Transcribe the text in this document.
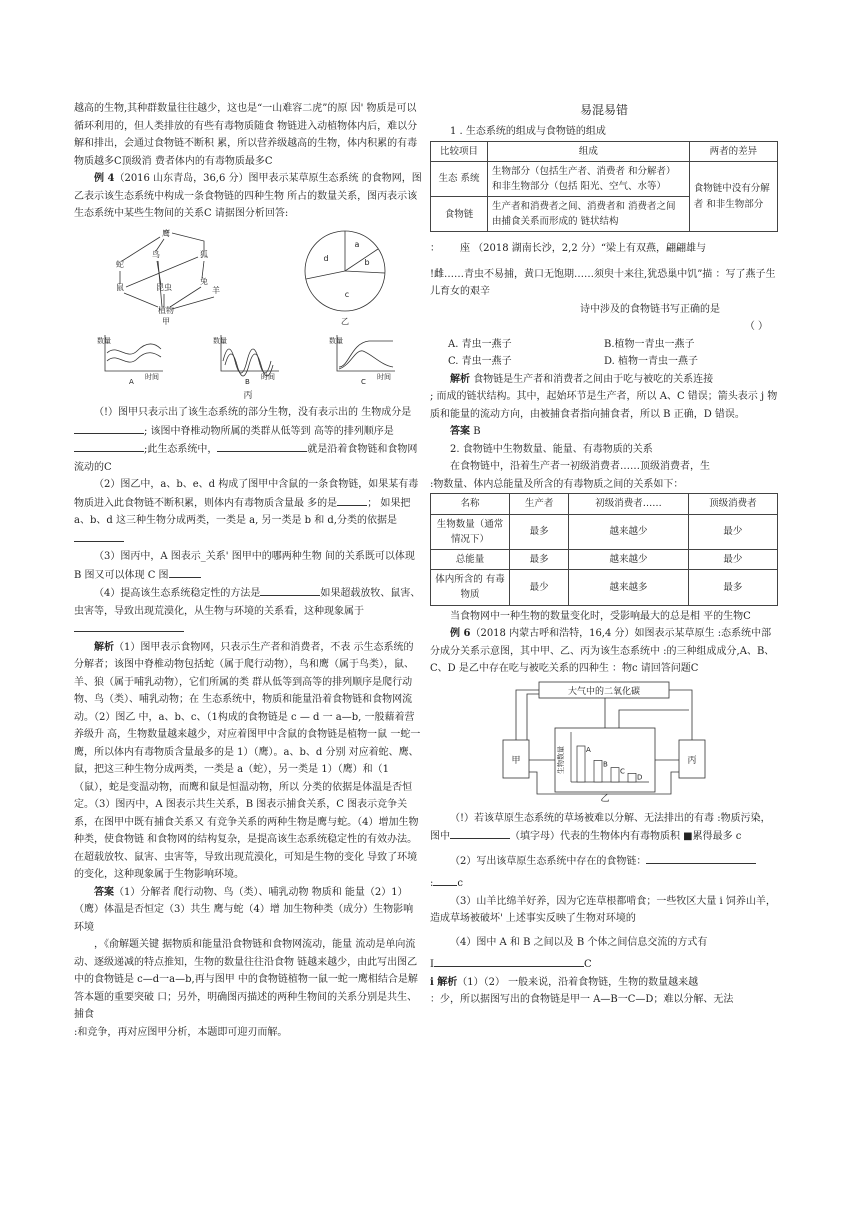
越高的生物,其种群数量往往越少，这也是“一山难容二虎”的原 因' 物质是可以循环利用的，但人类排放的有些有毒物质随食 物链进入动植物体内后，难以分解和排出，会通过食物链不断积 累，所以营养级越高的生物，体内积累的有毒物质越多C顶级消 费者体内的有毒物质最多C

例 4（2016 山东青岛，36,6 分）图甲表示某草原生态系统 的食物网，图乙表示该生态系统中构成一条食物链的四种生物 所占的数量关系，图丙表示该生态系统中某些生物间的关系C 请据图分析回答:

鹰
鸟	狐
蛇
兔
昆虫
鼠	羊
植物
甲
a
b
d
c
乙
数量
时间
A
数量
时间
B
数量
时间
C
丙

（!）图甲只表示出了该生态系统的部分生物，没有表示出的 生物成分是; 该图中脊椎动物所属的类群从低等到 高等的排列顺序是;此生态系统中，	就是沿着食物链和食物网流动的C

（2）图乙中，a、b、e、d 构成了图甲中含鼠的一条食物链，如果某有毒物质进入此食物链不断积累，则体内有毒物质含量最 多的是	； 如果把 a、b、d 这三种生物分成两类，一类是 a, 另一类是 b 和 d,分类的依据是

（3）图丙中，A 图表示_关系' 图甲中的哪两种生物 间的关系既可以体现 B 图又可以体现 C 图

（4）提高该生态系统稳定性的方法是	如果超载放牧、鼠害、虫害等，导致出现荒漠化，从生物与环境的关系看，这种现象属于

解析（1）图甲表示食物网，只表示生产者和消费者，不表 示生态系统的分解者；该图中脊椎动物包括蛇（属于爬行动物），鸟和鹰（属于鸟类），鼠、羊、狼（属于哺乳动物），它们所属的类 群从低等到高等的排列顺序是爬行动物、鸟（类）、哺乳动物；在 生态系统中，物质和能量沿着食物链和食物网流动。（2）图乙 中，a、b、c、（1构成的食物链是 c — d 一 a—b, 一般藉着营养级升 高，生物数量越来越少，对应着图甲中含鼠的食物链是植物一鼠 一蛇一鹰，所以体内有毒物质含量最多的是 1）（鹰）。a、b、d 分别 对应着蛇、鹰、鼠，把这三种生物分成两类，一类是 a（蛇），另一类是 1）（鹰）和（1（鼠），蛇是变温动物，而鹰和鼠是恒温动物，所以 分类的依据是体温是否恒定。（3）图丙中，A 图表示共生关系，B 图表示捕食关系，C 图表示竞争关系，在图甲中既有捕食关系又 有竞争关系的两种生物是鹰与蛇。（4）增加生物种类，使食物链 和食物网的结构复杂，是提高该生态系统稳定性的有效办法。在超载放牧、鼠害、虫害等，导致出现荒漠化，可知是生物的变化 导致了环境的变化，这种现象属于生物影响环境。

答案（1）分解者 爬行动物、鸟（类）、哺乳动物 物质和 能量（2）1）（鹰）体温是否恒定（3）共生 鹰与蛇（4）增 加生物种类（成分）生物影响环境

，《俞解题关键 据物质和能量沿食物链和食物网流动，能量 流动是单向流动、逐级递减的特点推知，生物的数量往往沿食物 链越来越少，由此写出图乙中的食物链是 c—d一a—b,再与图甲 中的食物链植物一鼠一蛇一鹰相结合是解答本题的重要突破 口；另外，明确图丙描述的两种生物间的关系分别是共生、捕食

:和竞争，再对应图甲分析，本题即可迎刃而解。

易混易错

1 . 生态系统的组成与食物链的组成

比较项目	组成	两者的差异
生态 系统	生物部分（包括生产者、消费者 和分解者）和非生物部分（包括 阳光、空气、水等）	食物链中没有分解者 和非生物部分
食物链	生产者和消费者之间、消费者和 消费者之间由捕食关系而形成的 链状结构	

：   座 （2018 湖南长沙，2,2 分）“梁上有双燕，翩翩雄与

!雌……青虫不易捕，黄口无饱期……须臾十来往,犹恐巢中饥”描 ：写了燕子生儿育女的艰辛

诗中涉及的食物链书写正确的是

（ ）

A. 青虫一燕子	B.植物一青虫一燕子
C. 青虫一燕子	D. 植物一青虫一燕子

解析 食物链是生产者和消费者之间由于吃与被吃的关系连接

; 而成的链状结构。其中，起始环节是生产者，所以 A、C 错误；箭头表示 j 物质和能量的流动方向，由被捕食者指向捕食者，所以 B 正确，D 错误。

答案 B

2. 食物链中生物数量、能量、有毒物质的关系

在食物链中，沿着生产者一初级消费者……顶级消费者，生

:物数量、体内总能量及所含的有毒物质之间的关系如下：

名称	生产者	初级消费者……	顶级消费者
生物数量（通常情况下）	最多	越来越少	最少
总能量	最多	越来越少	最少
体内所含的 有毒物质	最少	越来越多	最多

当食物网中一种生物的数量变化时，受影响最大的总是相 平的生物C

例 6（2018 内蒙古呼和浩特，16,4 分）如图表示某草原生 :态系统中部分成分关系示意图，其中甲、乙、丙为该生态系统中 :的三种组成成分,A、B、C、D 是乙中存在吃与被吃关系的四种生 ：物c 请回答问题C

大气中的二氧化碳
甲	丙
乙
生物数量	A
B
C
D

（!）若该草原生态系统的草场被难以分解、无法排出的有毒 :物质污染，图中	（填字母）代表的生物体内有毒物质积 ■累得最多 c

（2）写出该草原生态系统中存在的食物链：

: c

（3）山羊比绵羊好养，因为它连草根都啃食；一些牧区大量 i 饲养山羊，造成草场被破坏' 上述事实反映了生物对环境的

（4）图中 A 和 B 之间以及 B 个体之间信息交流的方式有

I	C

i 解析（1）（2） 一般来说，沿着食物链，生物的数量越来越

：少，所以据图写出的食物链是甲一 A—B一C—D；难以分解、无法
